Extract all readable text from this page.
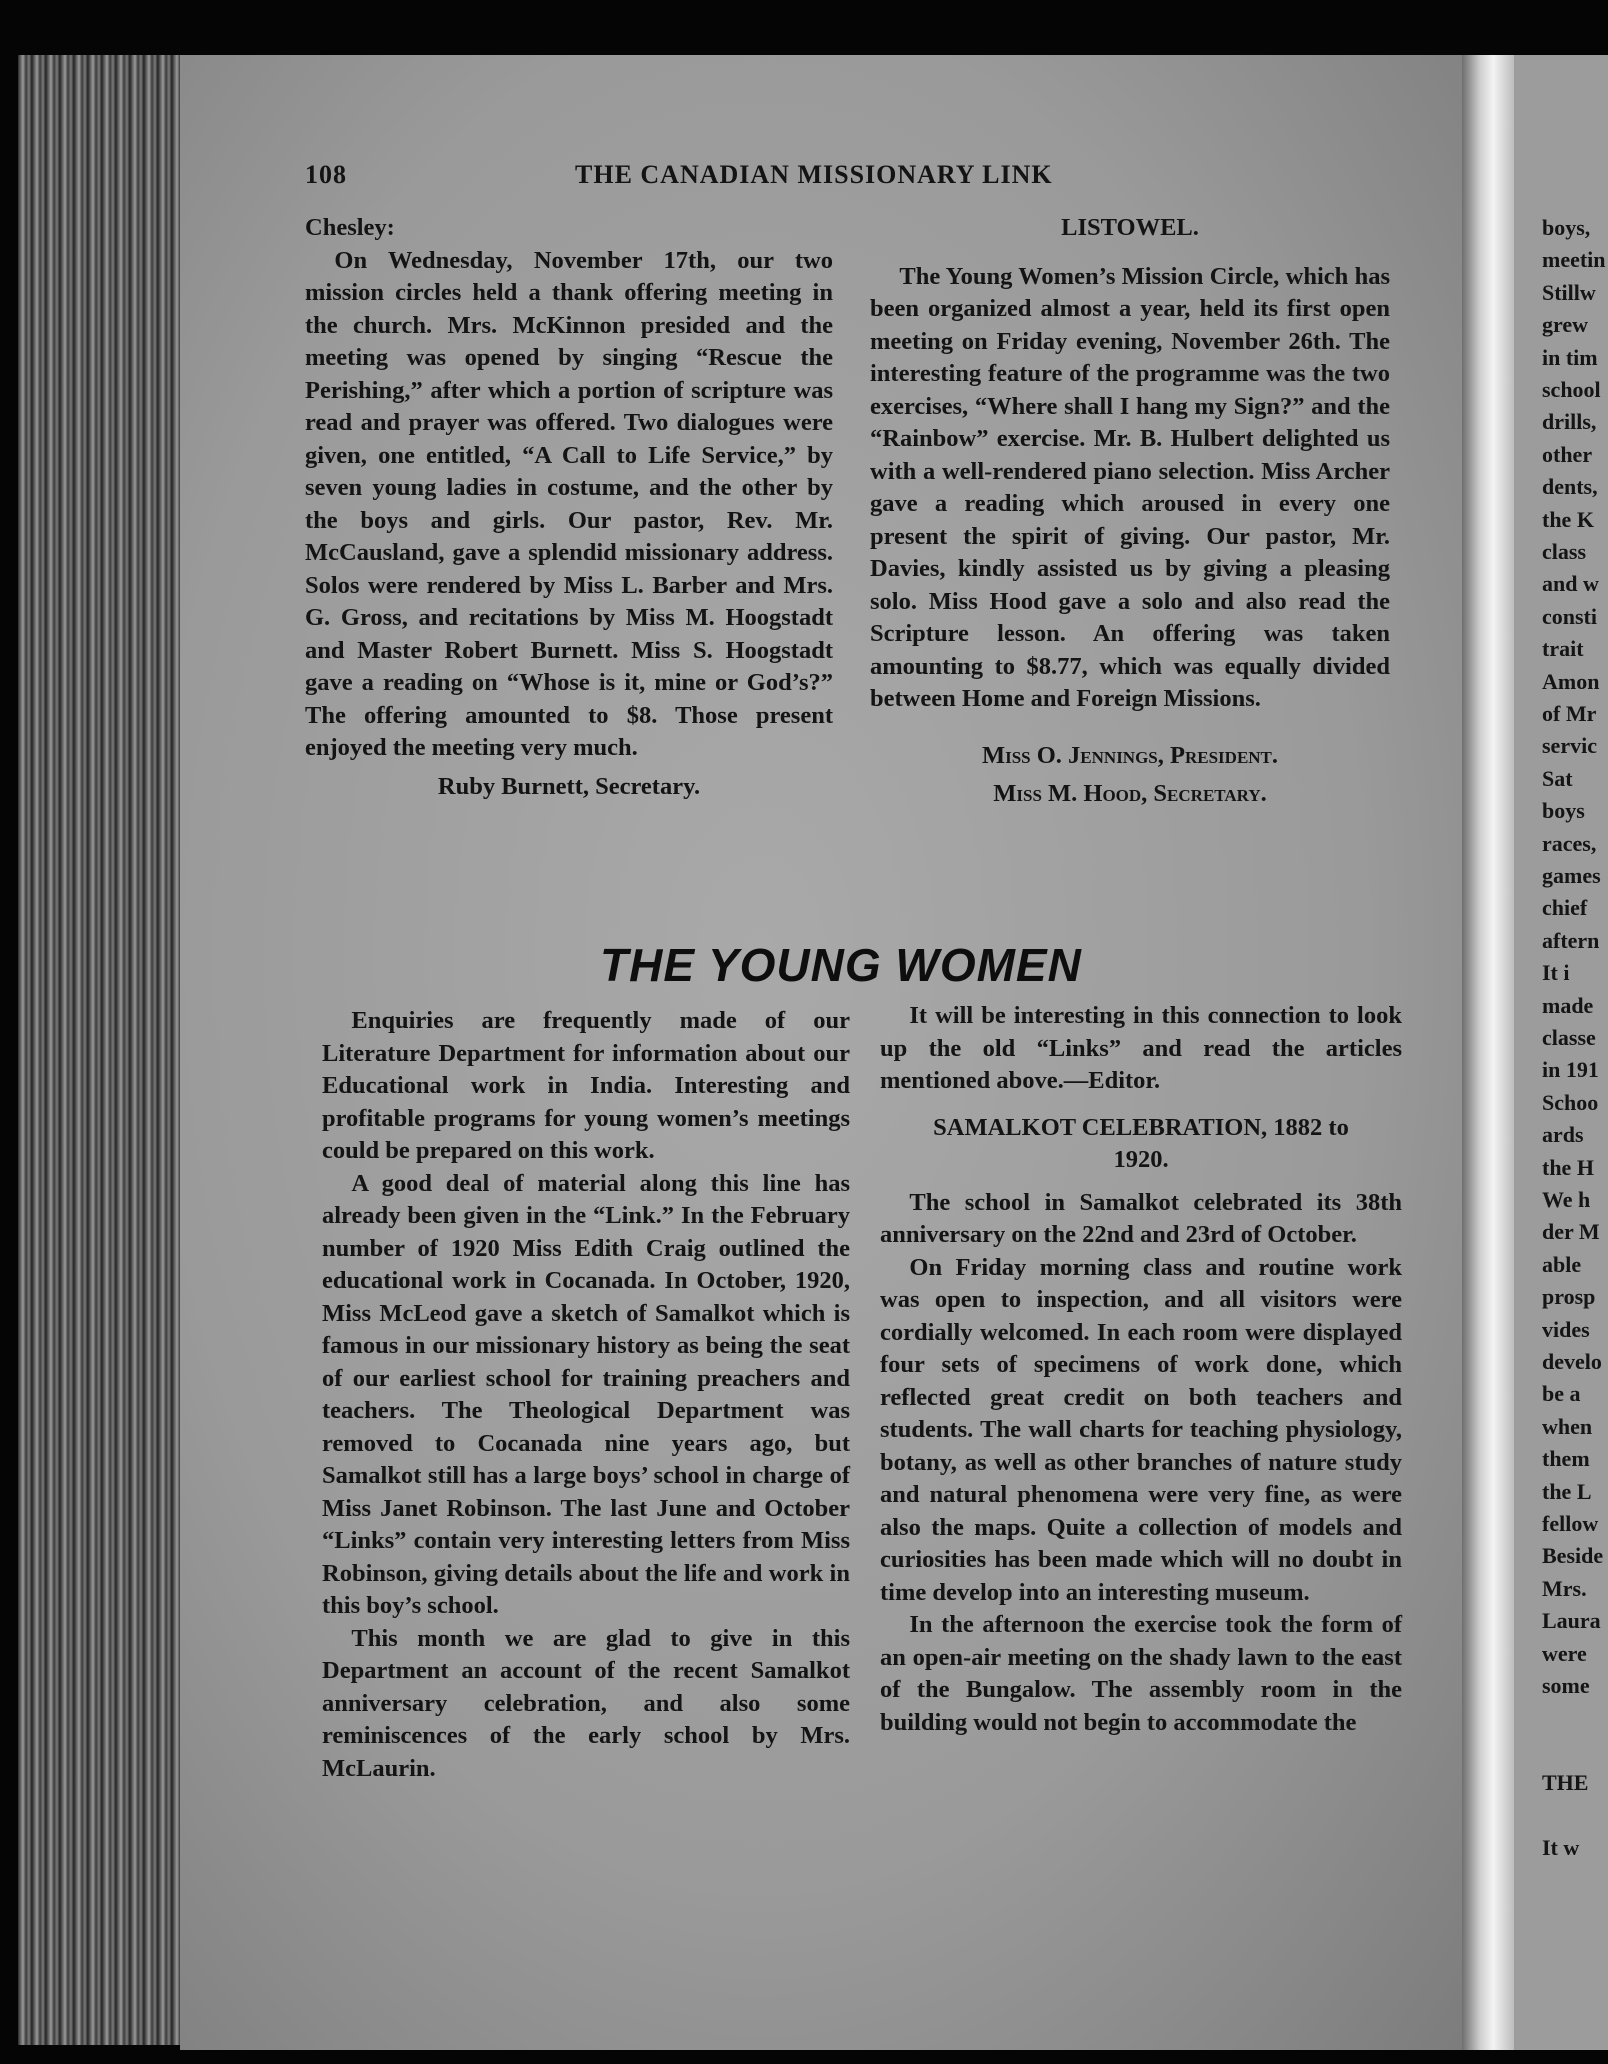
boys,
meetin
Stillw
grew
in tim
school
drills,
other
dents,
the K
class
and w
consti
trait
Amon
of Mr
servic
Sat
boys
races,
games
chief
aftern
It i
made
classe
in 191
Schoo
ards
the H
We h
der M
able
prosp
vides
develo
be a
when
them
the L
fellow
Beside
Mrs.
Laura
were
some
THE
It w
108	THE CANADIAN MISSIONARY LINK

Chesley:

On Wednesday, November 17th, our two mission circles held a thank offering meeting in the church. Mrs. McKinnon presided and the meeting was opened by singing “Rescue the Perishing,” after which a portion of scripture was read and prayer was offered. Two dialogues were given, one entitled, “A Call to Life Service,” by seven young ladies in costume, and the other by the boys and girls. Our pastor, Rev. Mr. McCausland, gave a splendid missionary address. Solos were rendered by Miss L. Barber and Mrs. G. Gross, and recitations by Miss M. Hoogstadt and Master Robert Burnett. Miss S. Hoogstadt gave a reading on “Whose is it, mine or God’s?” The offering amounted to $8. Those present enjoyed the meeting very much.

Ruby Burnett, Secretary.

LISTOWEL.

The Young Women’s Mission Circle, which has been organized almost a year, held its first open meeting on Friday evening, November 26th. The interesting feature of the programme was the two exercises, “Where shall I hang my Sign?” and the “Rainbow” exercise. Mr. B. Hulbert delighted us with a well-rendered piano selection. Miss Archer gave a reading which aroused in every one present the spirit of giving. Our pastor, Mr. Davies, kindly assisted us by giving a pleasing solo. Miss Hood gave a solo and also read the Scripture lesson. An offering was taken amounting to $8.77, which was equally divided between Home and Foreign Missions.

Miss O. Jennings, President.

Miss M. Hood, Secretary.

THE YOUNG WOMEN

Enquiries are frequently made of our Literature Department for information about our Educational work in India. Interesting and profitable programs for young women’s meetings could be prepared on this work.

A good deal of material along this line has already been given in the “Link.” In the February number of 1920 Miss Edith Craig outlined the educational work in Cocanada. In October, 1920, Miss McLeod gave a sketch of Samalkot which is famous in our missionary history as being the seat of our earliest school for training preachers and teachers. The Theological Department was removed to Cocanada nine years ago, but Samalkot still has a large boys’ school in charge of Miss Janet Robinson. The last June and October “Links” contain very interesting letters from Miss Robinson, giving details about the life and work in this boy’s school.

This month we are glad to give in this Department an account of the recent Samalkot anniversary celebration, and also some reminiscences of the early school by Mrs. McLaurin.

It will be interesting in this connection to look up the old “Links” and read the articles mentioned above.—Editor.

SAMALKOT CELEBRATION, 1882 to

1920.

The school in Samalkot celebrated its 38th anniversary on the 22nd and 23rd of October.

On Friday morning class and routine work was open to inspection, and all visitors were cordially welcomed. In each room were displayed four sets of specimens of work done, which reflected great credit on both teachers and students. The wall charts for teaching physiology, botany, as well as other branches of nature study and natural phenomena were very fine, as were also the maps. Quite a collection of models and curiosities has been made which will no doubt in time develop into an interesting museum.

In the afternoon the exercise took the form of an open-air meeting on the shady lawn to the east of the Bungalow. The assembly room in the building would not begin to accommodate the
